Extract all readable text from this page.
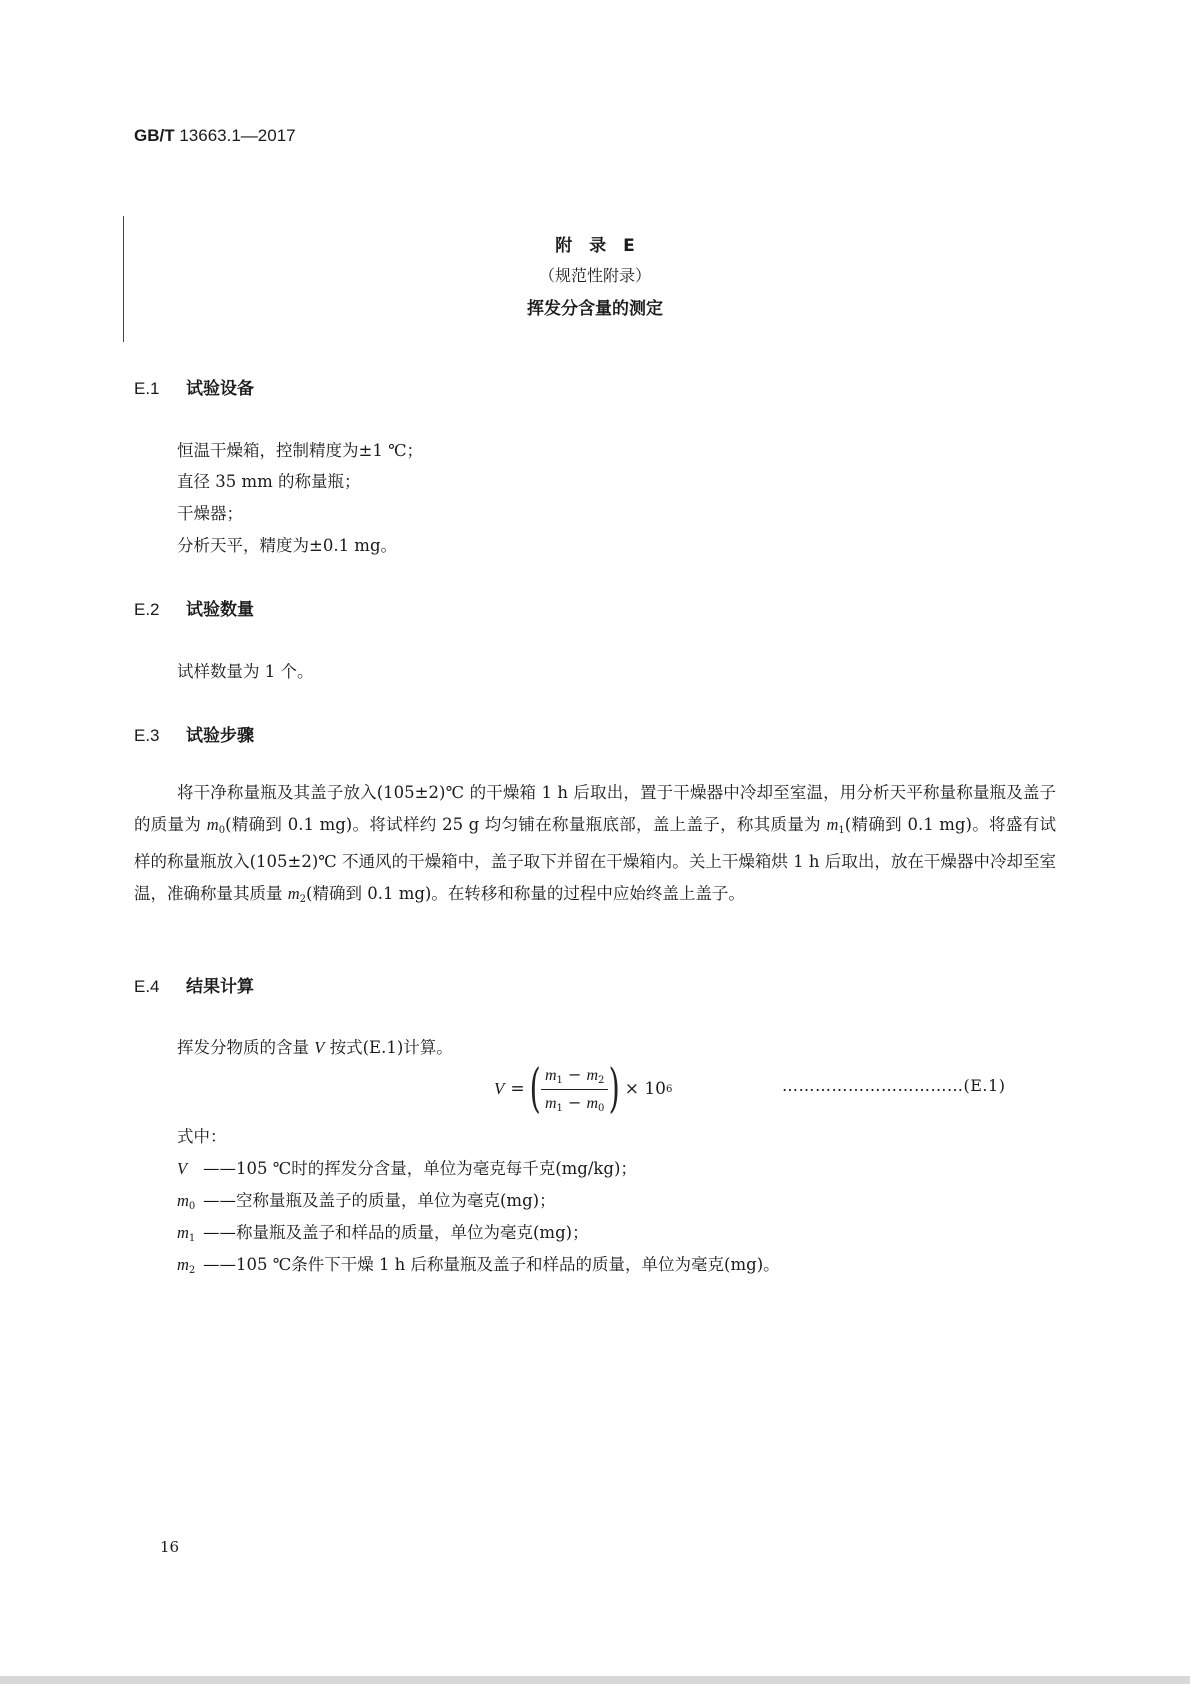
GB/T 13663.1—2017
附　录　E
（规范性附录）
挥发分含量的测定
E.1 试验设备
恒温干燥箱，控制精度为±1 ℃；
直径 35 mm 的称量瓶；
干燥器；
分析天平，精度为±0.1 mg。
E.2 试验数量
试样数量为 1 个。
E.3 试验步骤
将干净称量瓶及其盖子放入(105±2)℃ 的干燥箱 1 h 后取出，置于干燥器中冷却至室温，用分析天平称量称量瓶及盖子的质量为 $m_0$(精确到 0.1 mg)。将试样约 25 g 均匀铺在称量瓶底部，盖上盖子，称其质量为 $m_1$(精确到 0.1 mg)。将盛有试样的称量瓶放入(105±2)℃ 不通风的干燥箱中，盖子取下并留在干燥箱内。关上干燥箱烘 1 h 后取出，放在干燥器中冷却至室温，准确称量其质量 $m_2$(精确到 0.1 mg)。在转移和称量的过程中应始终盖上盖子。
E.4 结果计算
挥发分物质的含量 V 按式(E.1)计算。
V = ( $\frac{m_1 - m_2}{m_1 - m_0}$ ) × 10 6	……………………………(E.1)
式中：
V ——105 ℃时的挥发分含量，单位为毫克每千克(mg/kg)；
$m_0$ ——空称量瓶及盖子的质量，单位为毫克(mg)；
$m_1$ ——称量瓶及盖子和样品的质量，单位为毫克(mg)；
$m_2$ ——105 ℃条件下干燥 1 h 后称量瓶及盖子和样品的质量，单位为毫克(mg)。
16
